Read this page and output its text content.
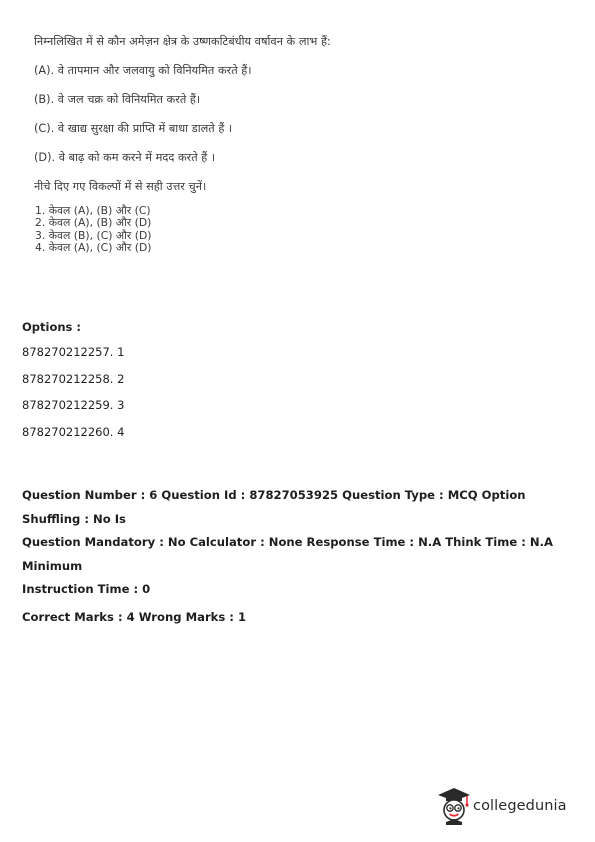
निम्नलिखित में से कौन अमेज़न क्षेत्र के उष्णकटिबंधीय वर्षावन के लाभ हैं:

(A). वे तापमान और जलवायु को विनियमित करते हैं।

(B). वे जल चक्र को विनियमित करते हैं।

(C). वे खाद्य सुरक्षा की प्राप्ति में बाधा डालते हैं ।

(D). वे बाढ़ को कम करने में मदद करते हैं ।

नीचे दिए गए विकल्पों में से सही उत्तर चुनें।

1. केवल (A), (B) और (C)
2. केवल (A), (B) और (D)
3. केवल (B), (C) और (D)
4. केवल (A), (C) और (D)

Options :

878270212257. 1

878270212258. 2

878270212259. 3

878270212260. 4

Question Number : 6 Question Id : 87827053925 Question Type : MCQ Option Shuffling : No Is

Question Mandatory : No Calculator : None Response Time : N.A Think Time : N.A Minimum

Instruction Time : 0

Correct Marks : 4 Wrong Marks : 1

collegedunia
